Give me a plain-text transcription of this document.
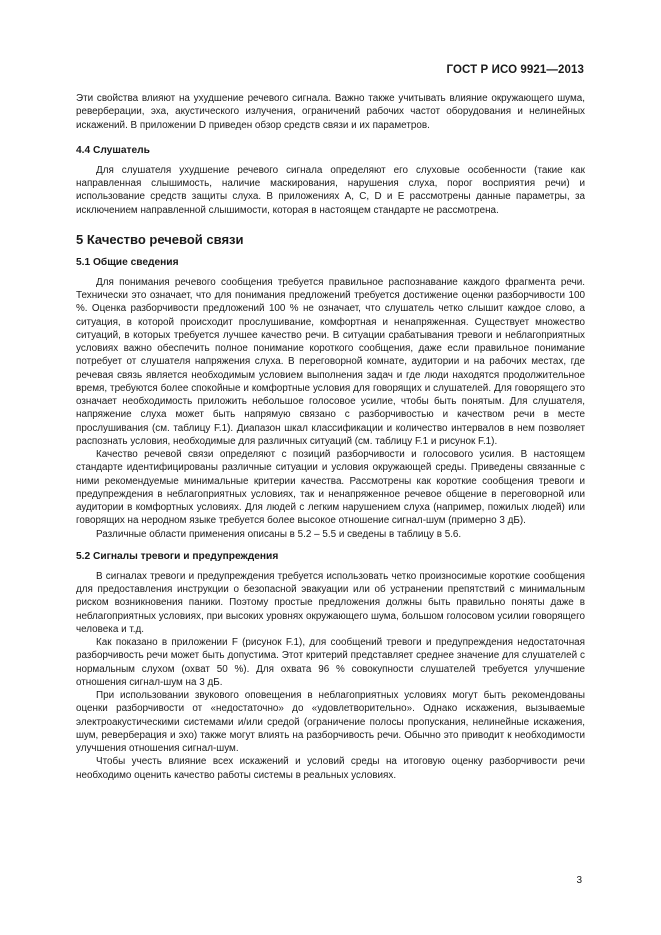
ГОСТ Р ИСО 9921—2013

Эти свойства влияют на ухудшение речевого сигнала. Важно также учитывать влияние окружающего шума, реверберации, эха, акустического излучения, ограничений рабочих частот оборудования и нелинейных искажений. В приложении D приведен обзор средств связи и их параметров.

4.4 Слушатель

Для слушателя ухудшение речевого сигнала определяют его слуховые особенности (такие как направленная слышимость, наличие маскирования, нарушения слуха, порог восприятия речи) и использование средств защиты слуха. В приложениях A, C, D и E рассмотрены данные параметры, за исключением направленной слышимости, которая в настоящем стандарте не рассмотрена.

5 Качество речевой связи
5.1 Общие сведения

Для понимания речевого сообщения требуется правильное распознавание каждого фрагмента речи. Технически это означает, что для понимания предложений требуется достижение оценки разборчивости 100 %. Оценка разборчивости предложений 100 % не означает, что слушатель четко слышит каждое слово, а ситуация, в которой происходит прослушивание, комфортная и ненапряженная. Существует множество ситуаций, в которых требуется лучшее качество речи. В ситуации срабатывания тревоги и неблагоприятных условиях важно обеспечить полное понимание короткого сообщения, даже если правильное понимание потребует от слушателя напряжения слуха. В переговорной комнате, аудитории и на рабочих местах, где речевая связь является необходимым условием выполнения задач и где люди находятся продолжительное время, требуются более спокойные и комфортные условия для говорящих и слушателей. Для говорящего это означает необходимость приложить небольшое голосовое усилие, чтобы быть понятым. Для слушателя, напряжение слуха может быть напрямую связано с разборчивостью и качеством речи в месте прослушивания (см. таблицу F.1). Диапазон шкал классификации и количество интервалов в нем позволяет распознать условия, необходимые для различных ситуаций (см. таблицу F.1 и рисунок F.1).

Качество речевой связи определяют с позиций разборчивости и голосового усилия. В настоящем стандарте идентифицированы различные ситуации и условия окружающей среды. Приведены связанные с ними рекомендуемые минимальные критерии качества. Рассмотрены как короткие сообщения тревоги и предупреждения в неблагоприятных условиях, так и ненапряженное речевое общение в переговорной или аудитории в комфортных условиях. Для людей с легким нарушением слуха (например, пожилых людей) или говорящих на неродном языке требуется более высокое отношение сигнал-шум (примерно 3 дБ).

Различные области применения описаны в 5.2 – 5.5 и сведены в таблицу в 5.6.

5.2 Сигналы тревоги и предупреждения

В сигналах тревоги и предупреждения требуется использовать четко произносимые короткие сообщения для предоставления инструкции о безопасной эвакуации или об устранении препятствий с минимальным риском возникновения паники. Поэтому простые предложения должны быть правильно поняты даже в неблагоприятных условиях, при высоких уровнях окружающего шума, большом голосовом усилии говорящего человека и т.д.

Как показано в приложении F (рисунок F.1), для сообщений тревоги и предупреждения недостаточная разборчивость речи может быть допустима. Этот критерий представляет среднее значение для слушателей с нормальным слухом (охват 50 %). Для охвата 96 % совокупности слушателей требуется улучшение отношения сигнал-шум на 3 дБ.

При использовании звукового оповещения в неблагоприятных условиях могут быть рекомендованы оценки разборчивости от «недостаточно» до «удовлетворительно». Однако искажения, вызываемые электроакустическими системами и/или средой (ограничение полосы пропускания, нелинейные искажения, шум, реверберация и эхо) также могут влиять на разборчивость речи. Обычно это приводит к необходимости улучшения отношения сигнал-шум.

Чтобы учесть влияние всех искажений и условий среды на итоговую оценку разборчивости речи необходимо оценить качество работы системы в реальных условиях.

3
